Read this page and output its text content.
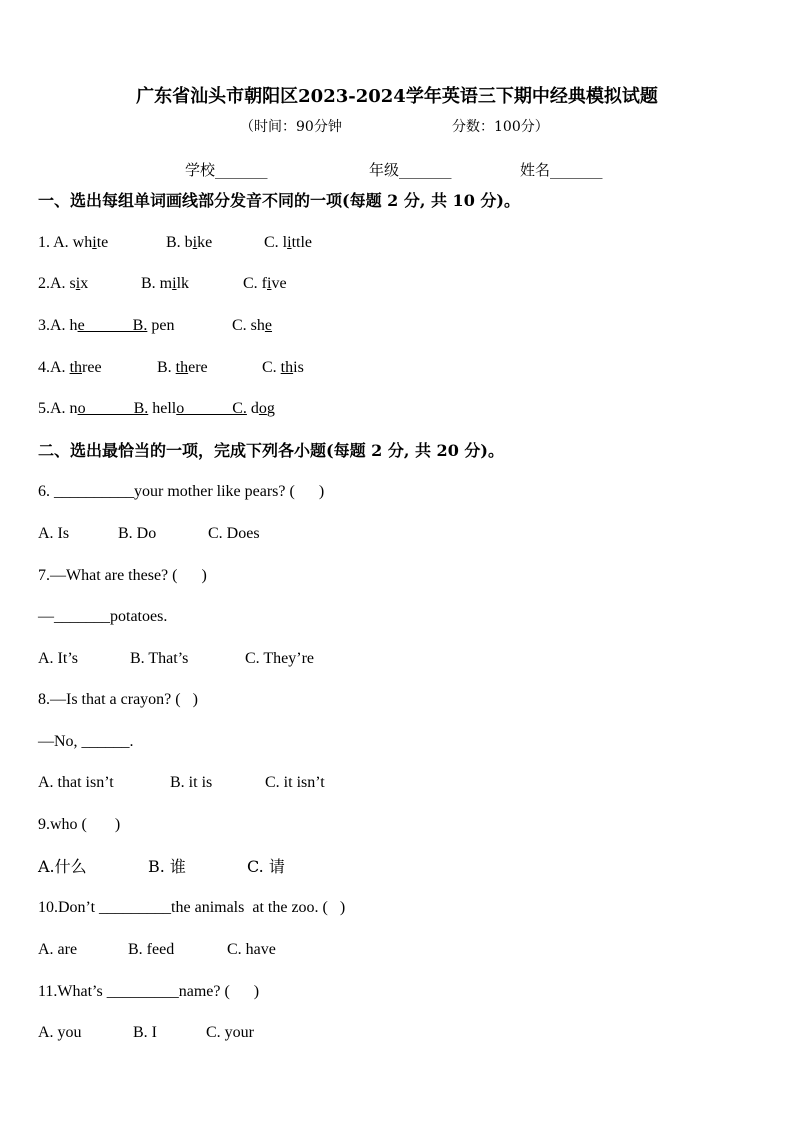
广东省汕头市朝阳区2023-2024学年英语三下期中经典模拟试题
（时间：90分钟	分数：100分）
学校_______	年级_______	姓名_______
一、选出每组单词画线部分发音不同的一项(每题 2 分, 共 10 分)。
1. A. white	B. bike	C. little
2.A. six	B. milk	C. five
3.A. he______B. pen	C. she
4.A. three	B. there	C. this
5.A. no______B. hello______C. dog
二、选出最恰当的一项，完成下列各小题(每题 2 分, 共 20 分)。
6. __________your mother like pears? (      )
A. Is	B. Do	C. Does
7.—What are these? (      )
—_______potatoes.
A. It’s	B. That’s	C. They’re
8.—Is that a crayon? (   )
—No, ______.
A. that isn’t	B. it is	C. it isn’t
9.who (       )
A.什么	B. 谁	C. 请
10.Don’t _________the animals  at the zoo. (   )
A. are	B. feed	C. have
11.What’s _________name? (      )
A. you	B. I	C. your
